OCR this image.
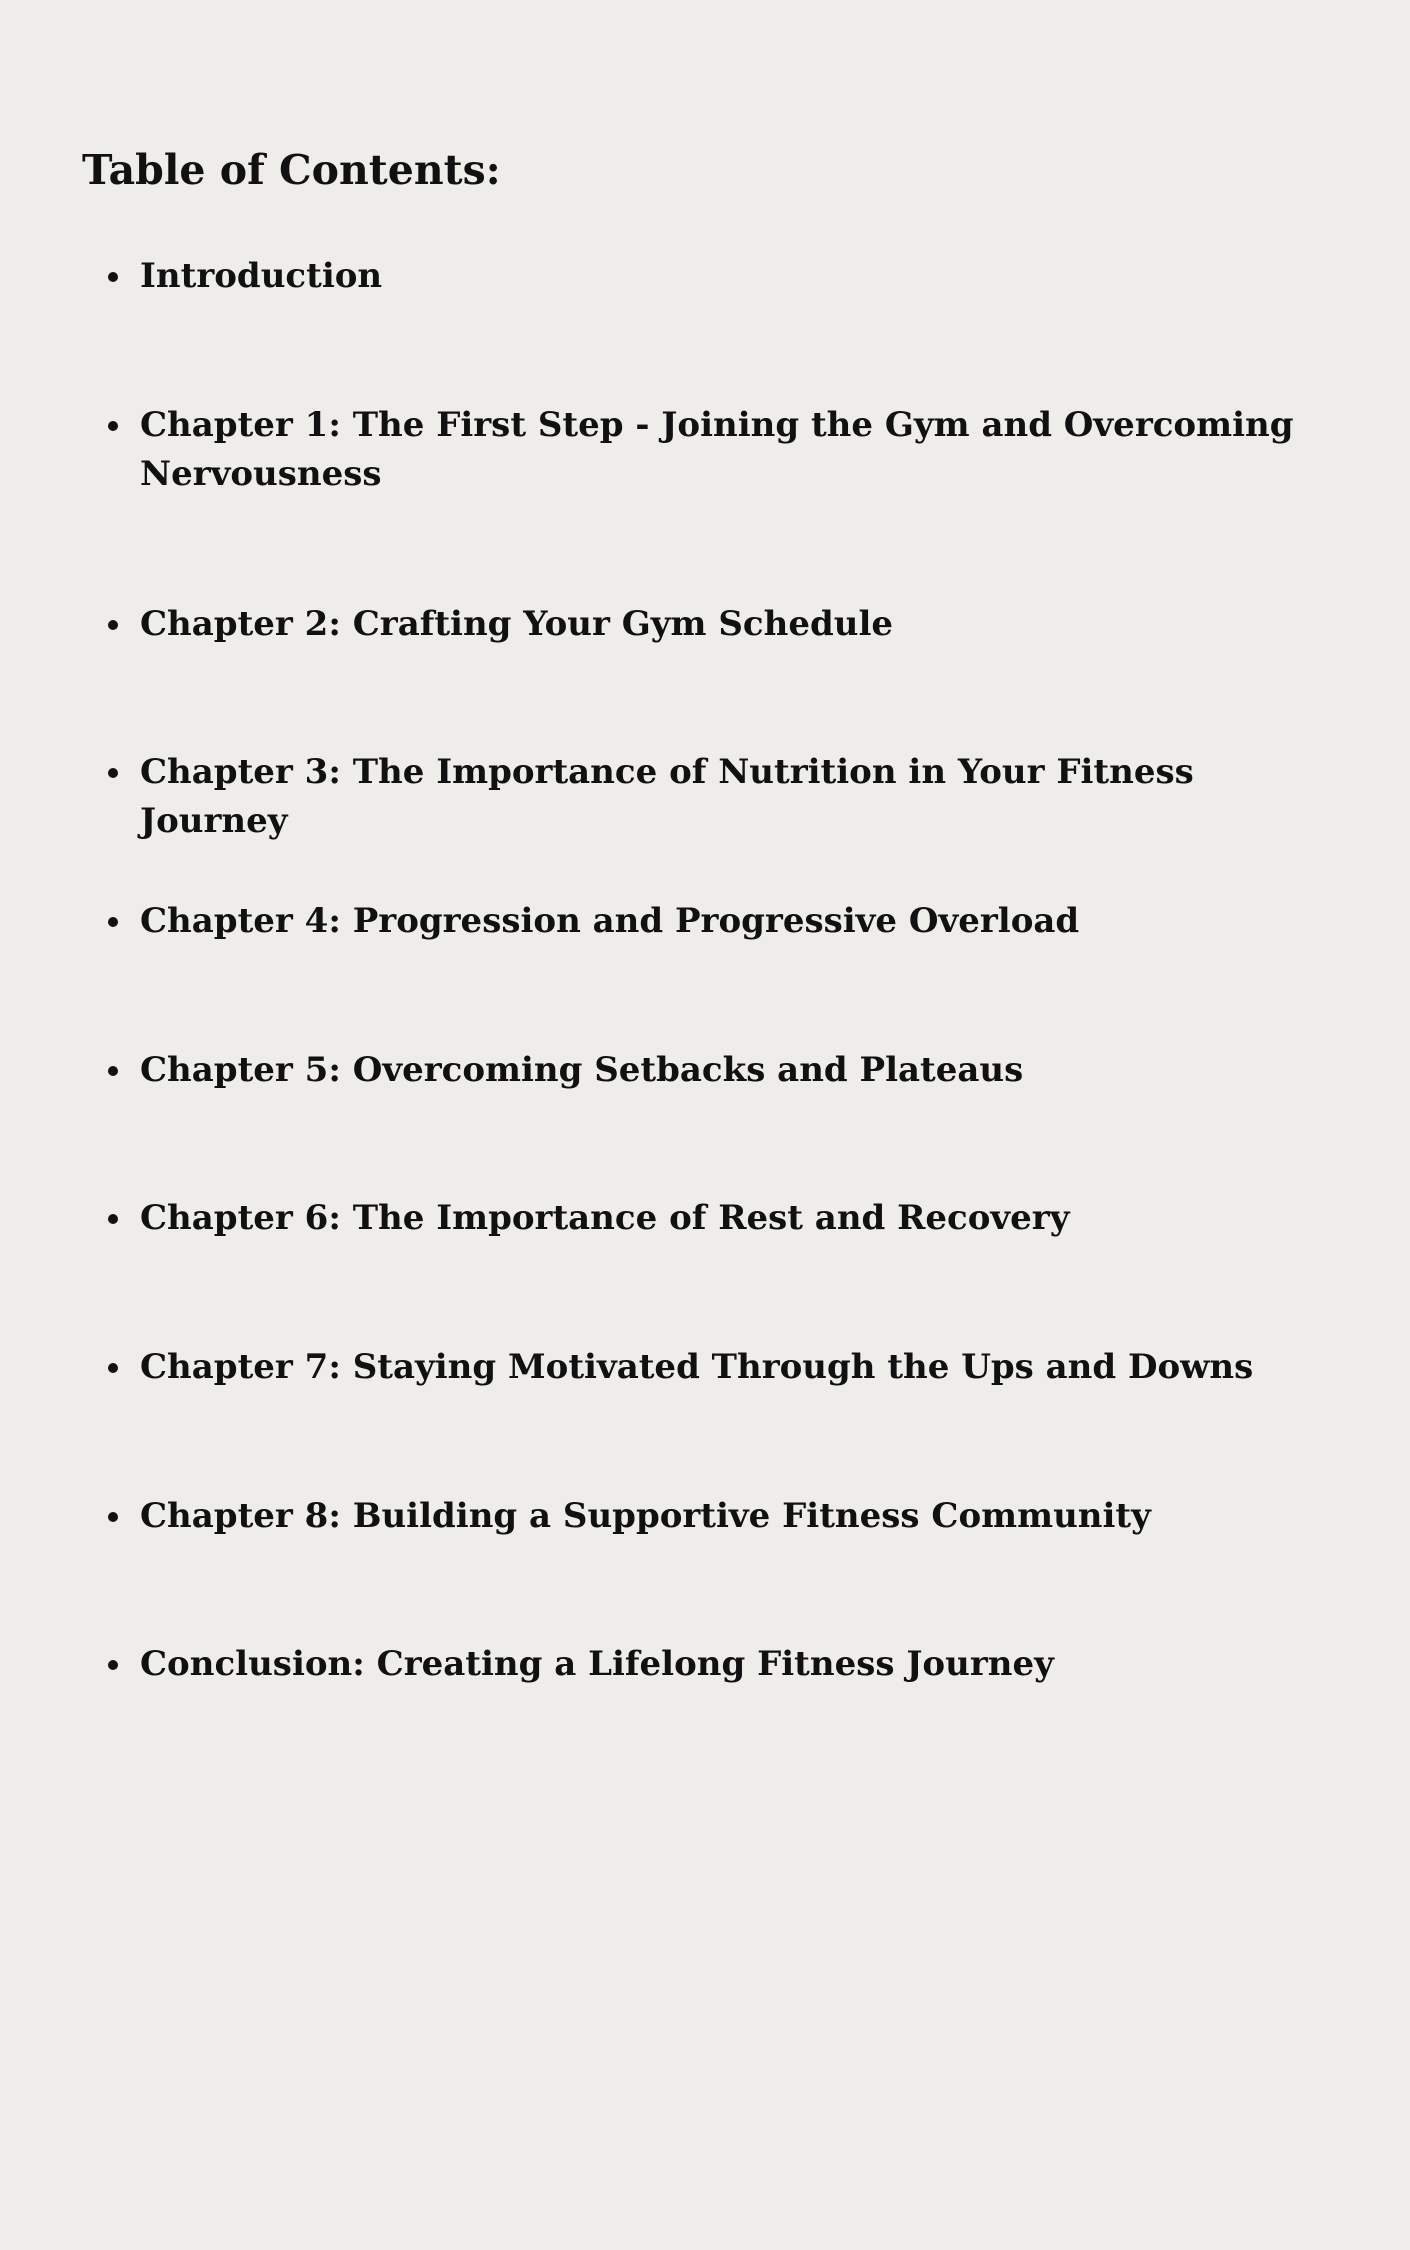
Table of Contents:
Introduction
Chapter 1: The First Step - Joining the Gym and Overcoming Nervousness
Chapter 2: Crafting Your Gym Schedule
Chapter 3: The Importance of Nutrition in Your Fitness Journey
Chapter 4: Progression and Progressive Overload
Chapter 5: Overcoming Setbacks and Plateaus
Chapter 6: The Importance of Rest and Recovery
Chapter 7: Staying Motivated Through the Ups and Downs
Chapter 8: Building a Supportive Fitness Community
Conclusion: Creating a Lifelong Fitness Journey
